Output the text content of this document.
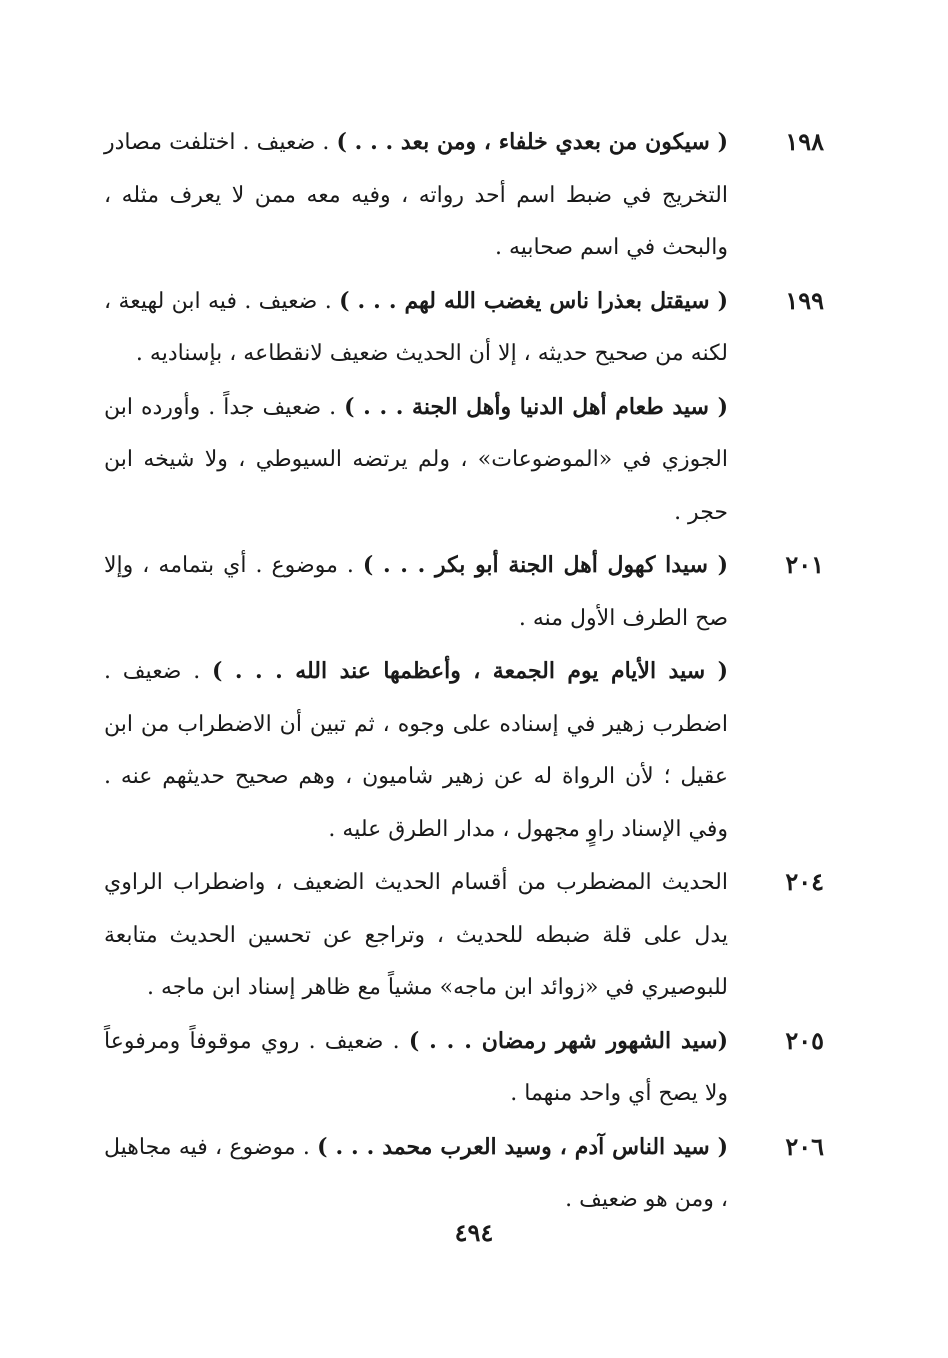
١٩٨
( سيكون من بعدي خلفاء ، ومن بعد . . . ) . ضعيف . اختلفت مصادر التخريج في ضبط اسم أحد رواته ، وفيه معه ممن لا يعرف مثله ، والبحث في اسم صحابيه .
١٩٩
( سيقتل بعذرا ناس يغضب الله لهم . . . ) . ضعيف . فيه ابن لهيعة ، لكنه من صحيح حديثه ، إلا أن الحديث ضعيف لانقطاعه ، بإسناديه .
( سيد طعام أهل الدنيا وأهل الجنة . . . ) . ضعيف جداً . وأورده ابن الجوزي في «الموضوعات» ، ولم يرتضه السيوطي ، ولا شيخه ابن حجر .
٢٠١
( سيدا كهول أهل الجنة أبو بكر . . . ) . موضوع . أي بتمامه ، وإلا صح الطرف الأول منه .
( سيد الأيام يوم الجمعة ، وأعظمها عند الله . . . ) . ضعيف . اضطرب زهير في إسناده على وجوه ، ثم تبين أن الاضطراب من ابن عقيل ؛ لأن الرواة له عن زهير شاميون ، وهم صحيح حديثهم عنه . وفي الإسناد راوٍ مجهول ، مدار الطرق عليه .
٢٠٤
الحديث المضطرب من أقسام الحديث الضعيف ، واضطراب الراوي يدل على قلة ضبطه للحديث ، وتراجع عن تحسين الحديث متابعة للبوصيري في «زوائد ابن ماجه» مشياً مع ظاهر إسناد ابن ماجه .
٢٠٥
(سيد الشهور شهر رمضان . . . ) . ضعيف . روي موقوفاً ومرفوعاً ولا يصح أي واحد منهما .
٢٠٦
( سيد الناس آدم ، وسيد العرب محمد . . . ) . موضوع ، فيه مجاهيل ، ومن هو ضعيف .
٤٩٤
